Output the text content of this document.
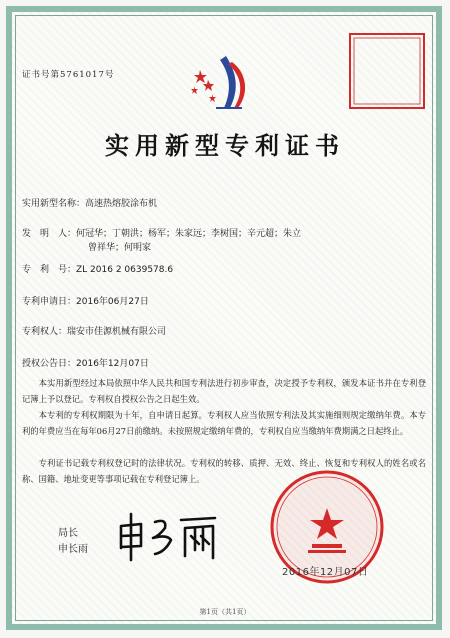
证书号第5761017号
实用新型专利证书
实用新型名称：高速热熔胶涂布机
发　明　人：何冠华；丁朝洪；杨军；朱家远；李树国；辛元超；朱立
曾祥华；何明家
专　利　号：ZL 2016 2 0639578.6
专利申请日：2016年06月27日
专利权人：瑞安市佳源机械有限公司
授权公告日：2016年12月07日
本实用新型经过本局依照中华人民共和国专利法进行初步审查，决定授予专利权，颁发本证书并在专利登记簿上予以登记。专利权自授权公告之日起生效。
本专利的专利权期限为十年，自申请日起算。专利权人应当依照专利法及其实施细则规定缴纳年费。本专利的年费应当在每年06月27日前缴纳。未按照规定缴纳年费的，专利权自应当缴纳年费期满之日起终止。
专利证书记载专利权登记时的法律状况。专利权的转移、质押、无效、终止、恢复和专利权人的姓名或名称、国籍、地址变更等事项记载在专利登记簿上。
局长
申长雨
2016年12月07日
第1页（共1页）
